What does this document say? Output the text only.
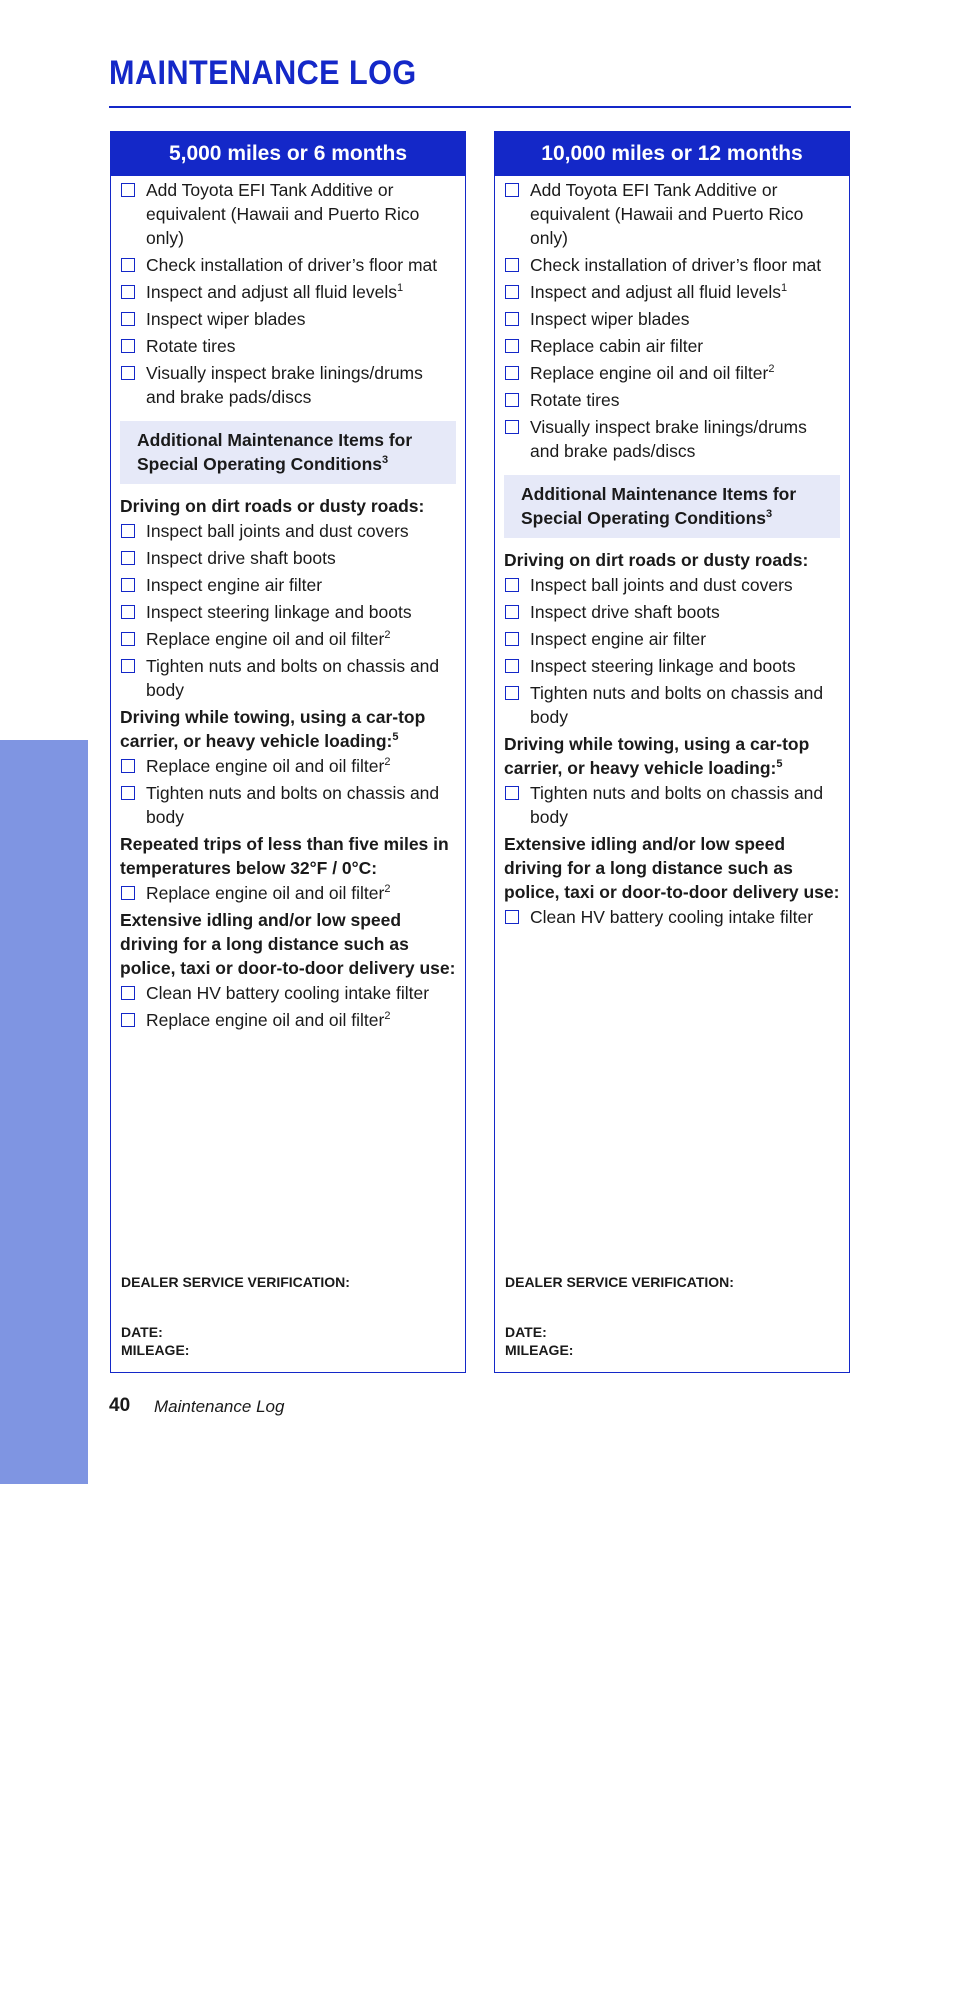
MAINTENANCE LOG
MAINTENANCE
5,000 miles or 6 months
Add Toyota EFI Tank Additive or equivalent (Hawaii and Puerto Rico only)
Check installation of driver’s floor mat
Inspect and adjust all fluid levels$^1$
Inspect wiper blades
Rotate tires
Visually inspect brake linings/drums and brake pads/discs
Additional Maintenance Items for Special Operating Conditions$^3$
Driving on dirt roads or dusty roads:
Inspect ball joints and dust covers
Inspect drive shaft boots
Inspect engine air filter
Inspect steering linkage and boots
Replace engine oil and oil filter$^2$
Tighten nuts and bolts on chassis and body
Driving while towing, using a car-top carrier, or heavy vehicle loading:$^5$
Replace engine oil and oil filter$^2$
Tighten nuts and bolts on chassis and body
Repeated trips of less than five miles in temperatures below 32°F / 0°C:
Replace engine oil and oil filter$^2$
Extensive idling and/or low speed driving for a long distance such as police, taxi or door-to-door delivery use:
Clean HV battery cooling intake filter
Replace engine oil and oil filter$^2$
DEALER SERVICE VERIFICATION:
DATE:
MILEAGE:
10,000 miles or 12 months
Add Toyota EFI Tank Additive or equivalent (Hawaii and Puerto Rico only)
Check installation of driver’s floor mat
Inspect and adjust all fluid levels$^1$
Inspect wiper blades
Replace cabin air filter
Replace engine oil and oil filter$^2$
Rotate tires
Visually inspect brake linings/drums and brake pads/discs
Additional Maintenance Items for Special Operating Conditions$^3$
Driving on dirt roads or dusty roads:
Inspect ball joints and dust covers
Inspect drive shaft boots
Inspect engine air filter
Inspect steering linkage and boots
Tighten nuts and bolts on chassis and body
Driving while towing, using a car-top carrier, or heavy vehicle loading:$^5$
Tighten nuts and bolts on chassis and body
Extensive idling and/or low speed driving for a long distance such as police, taxi or door-to-door delivery use:
Clean HV battery cooling intake filter
DEALER SERVICE VERIFICATION:
DATE:
MILEAGE:
40 Maintenance Log
